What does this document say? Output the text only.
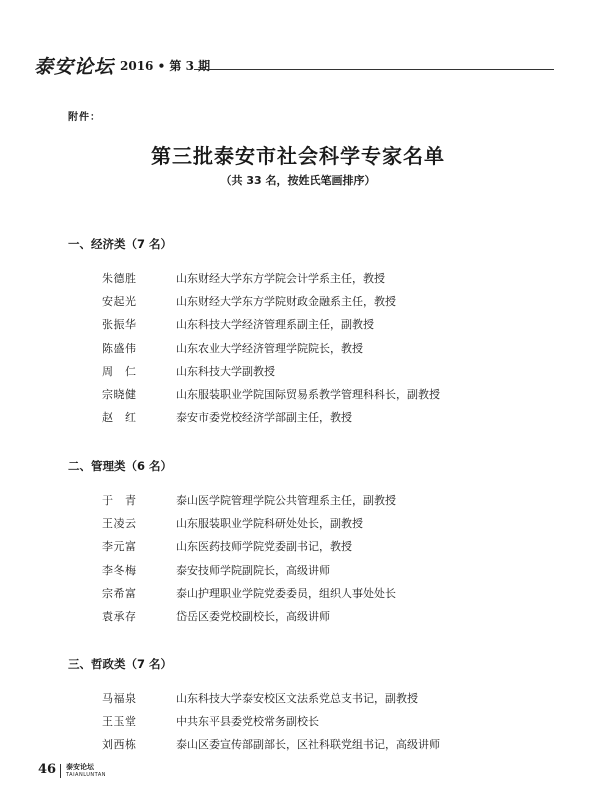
泰安论坛 2016 • 第 3 期
附件：
第三批泰安市社会科学专家名单
（共 33 名，按姓氏笔画排序）
一、经济类（7 名）
朱德胜	山东财经大学东方学院会计学系主任，教授
安起光	山东财经大学东方学院财政金融系主任，教授
张振华	山东科技大学经济管理系副主任，副教授
陈盛伟	山东农业大学经济管理学院院长，教授
周　仁	山东科技大学副教授
宗晓健	山东服装职业学院国际贸易系教学管理科科长，副教授
赵　红	泰安市委党校经济学部副主任，教授
二、管理类（6 名）
于　青	泰山医学院管理学院公共管理系主任，副教授
王凌云	山东服装职业学院科研处处长，副教授
李元富	山东医药技师学院党委副书记，教授
李冬梅	泰安技师学院副院长，高级讲师
宗希富	泰山护理职业学院党委委员，组织人事处处长
袁承存	岱岳区委党校副校长，高级讲师
三、哲政类（7 名）
马福泉	山东科技大学泰安校区文法系党总支书记，副教授
王玉堂	中共东平县委党校常务副校长
刘西栋	泰山区委宣传部副部长，区社科联党组书记，高级讲师
46 泰安论坛
TAIANLUNTAN
